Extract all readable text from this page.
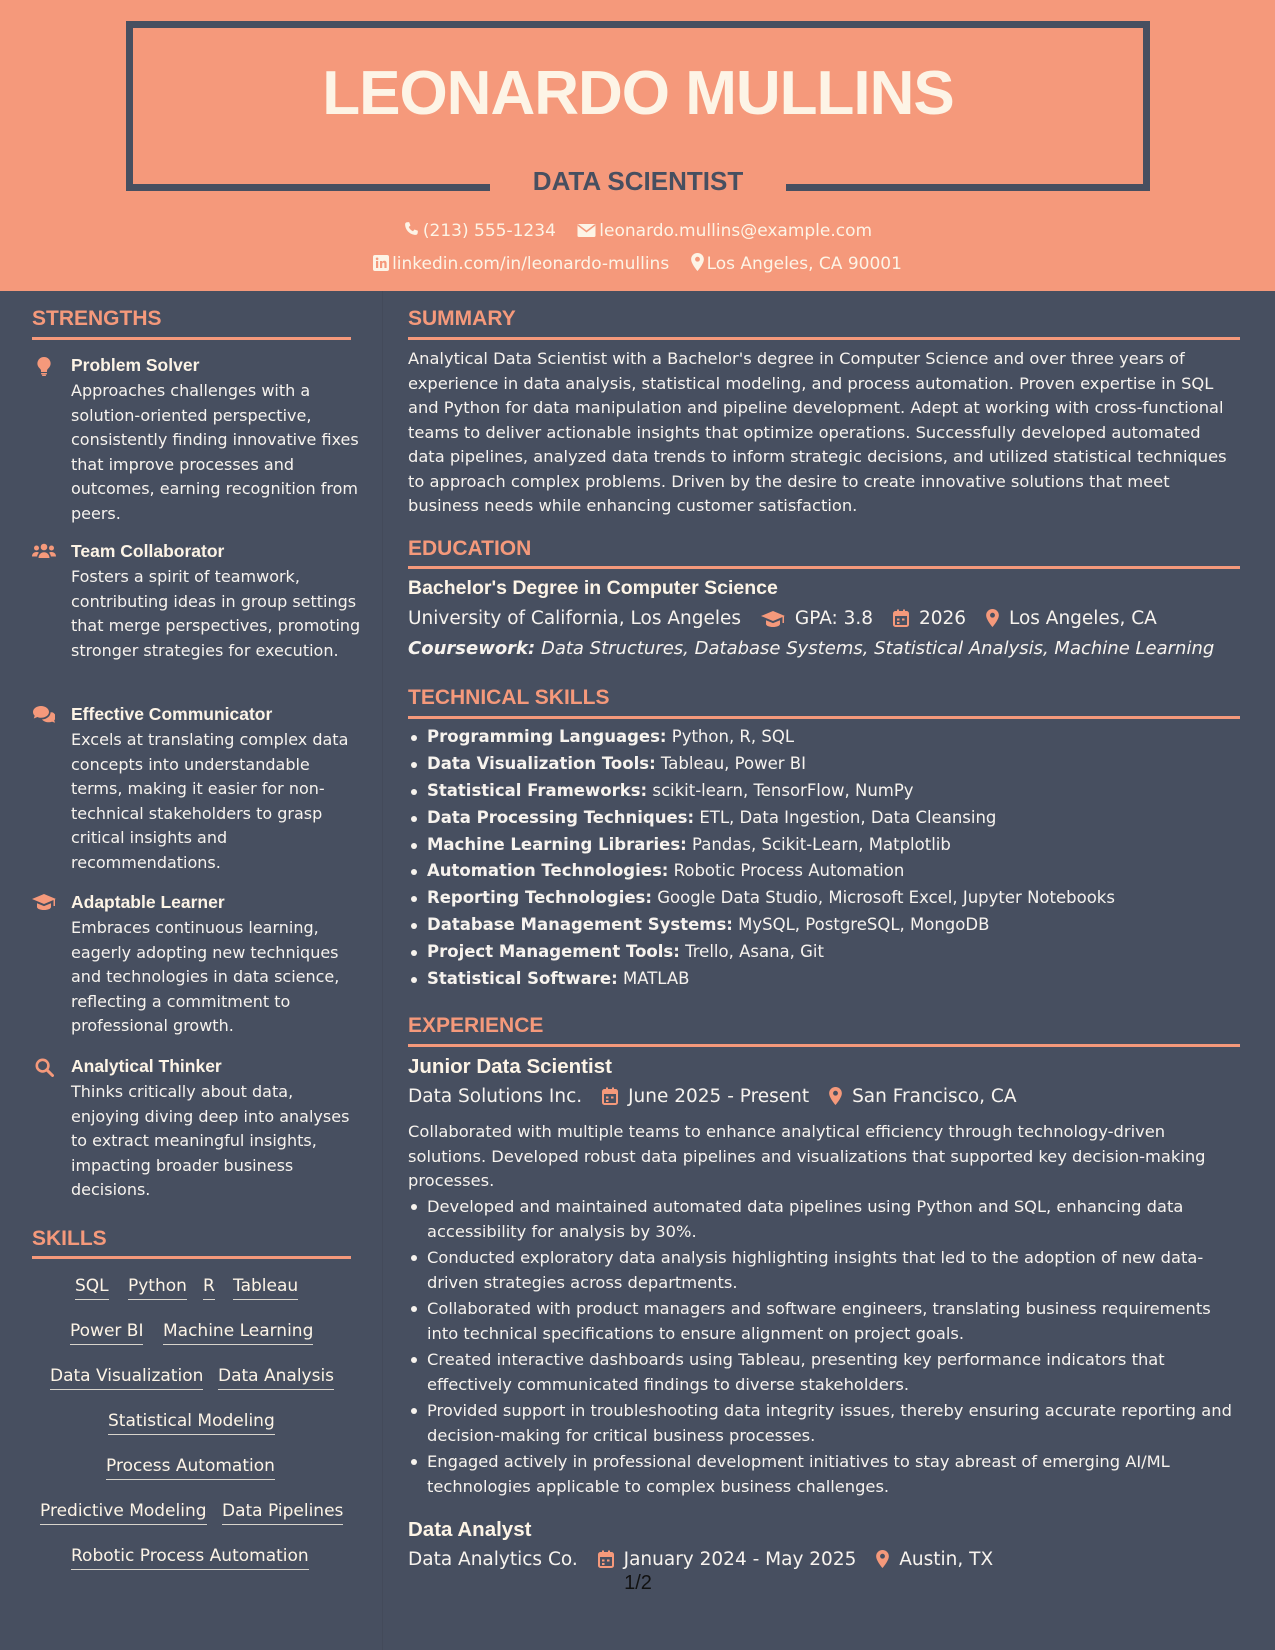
LEONARDO MULLINS
DATA SCIENTIST
(213) 555-1234	leonardo.mullins@example.com
linkedin.com/in/leonardo-mullins Los Angeles, CA 90001
STRENGTHS
Problem Solver
Approaches challenges with a solution-oriented perspective, consistently finding innovative fixes that improve processes and outcomes, earning recognition from peers.
Team Collaborator
Fosters a spirit of teamwork, contributing ideas in group settings that merge perspectives, promoting stronger strategies for execution.
Effective Communicator
Excels at translating complex data concepts into understandable terms, making it easier for non-technical stakeholders to grasp critical insights and recommendations.
Adaptable Learner
Embraces continuous learning, eagerly adopting new techniques and technologies in data science, reflecting a commitment to professional growth.
Analytical Thinker
Thinks critically about data, enjoying diving deep into analyses to extract meaningful insights, impacting broader business decisions.
SKILLS
SQL Python R Tableau
Power BI Machine Learning
Data Visualization Data Analysis
Statistical Modeling
Process Automation
Predictive Modeling Data Pipelines
Robotic Process Automation
SUMMARY
Analytical Data Scientist with a Bachelor's degree in Computer Science and over three years of experience in data analysis, statistical modeling, and process automation. Proven expertise in SQL and Python for data manipulation and pipeline development. Adept at working with cross-functional teams to deliver actionable insights that optimize operations. Successfully developed automated data pipelines, analyzed data trends to inform strategic decisions, and utilized statistical techniques to approach complex problems. Driven by the desire to create innovative solutions that meet business needs while enhancing customer satisfaction.
EDUCATION
Bachelor's Degree in Computer Science
University of California, Los Angeles	GPA: 3.8 2026 Los Angeles, CA
Coursework: Data Structures, Database Systems, Statistical Analysis, Machine Learning
TECHNICAL SKILLS
Programming Languages: Python, R, SQL
Data Visualization Tools: Tableau, Power BI
Statistical Frameworks: scikit-learn, TensorFlow, NumPy
Data Processing Techniques: ETL, Data Ingestion, Data Cleansing
Machine Learning Libraries: Pandas, Scikit-Learn, Matplotlib
Automation Technologies: Robotic Process Automation
Reporting Technologies: Google Data Studio, Microsoft Excel, Jupyter Notebooks
Database Management Systems: MySQL, PostgreSQL, MongoDB
Project Management Tools: Trello, Asana, Git
Statistical Software: MATLAB
EXPERIENCE
Junior Data Scientist
Data Solutions Inc. June 2025 - Present San Francisco, CA
Collaborated with multiple teams to enhance analytical efficiency through technology-driven solutions. Developed robust data pipelines and visualizations that supported key decision-making processes.
Developed and maintained automated data pipelines using Python and SQL, enhancing data accessibility for analysis by 30%.
Conducted exploratory data analysis highlighting insights that led to the adoption of new data-driven strategies across departments.
Collaborated with product managers and software engineers, translating business requirements into technical specifications to ensure alignment on project goals.
Created interactive dashboards using Tableau, presenting key performance indicators that effectively communicated findings to diverse stakeholders.
Provided support in troubleshooting data integrity issues, thereby ensuring accurate reporting and decision-making for critical business processes.
Engaged actively in professional development initiatives to stay abreast of emerging AI/ML technologies applicable to complex business challenges.
Data Analyst
Data Analytics Co. January 2024 - May 2025 Austin, TX
1/2
